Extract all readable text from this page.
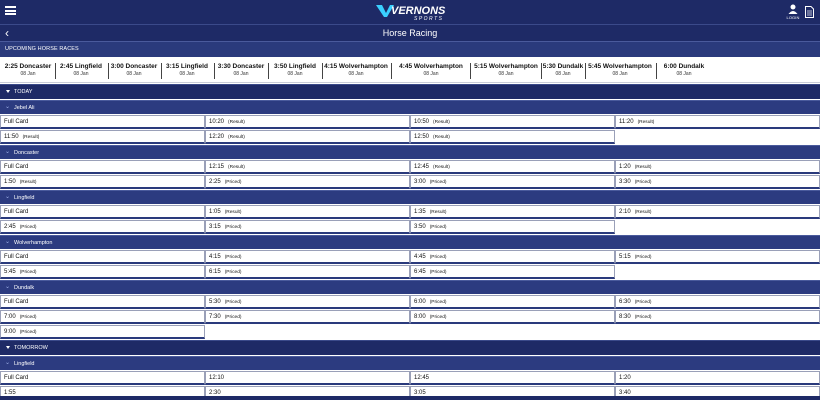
VERNONS
SPORTS	LOGIN
‹	Horse Racing
UPCOMING HORSE RACES
2:25 Doncaster
08 Jan
2:45 Lingfield
08 Jan
3:00 Doncaster
08 Jan
3:15 Lingfield
08 Jan
3:30 Doncaster
08 Jan
3:50 Lingfield
08 Jan
4:15 Wolverhampton
08 Jan
4:45 Wolverhampton
08 Jan
5:15 Wolverhampton
08 Jan
5:30 Dundalk
08 Jan
5:45 Wolverhampton
08 Jan
6:00 Dundalk
08 Jan
TODAY
⌄ Jebel Ali
Full Card	10:20 (Result)	10:50 (Result)	11:20 (Result)
11:50 (Result)	12:20 (Result)	12:50 (Result)
⌄ Doncaster
Full Card	12:15 (Result)	12:45 (Result)	1:20 (Result)
1:50 (Result)	2:25 (Priced)	3:00 (Priced)	3:30 (Priced)
⌄ Lingfield
Full Card	1:05 (Result)	1:35 (Result)	2:10 (Result)
2:45 (Priced)	3:15 (Priced)	3:50 (Priced)
⌄ Wolverhampton
Full Card	4:15 (Priced)	4:45 (Priced)	5:15 (Priced)
5:45 (Priced)	6:15 (Priced)	6:45 (Priced)
⌄ Dundalk
Full Card	5:30 (Priced)	6:00 (Priced)	6:30 (Priced)
7:00 (Priced)	7:30 (Priced)	8:00 (Priced)	8:30 (Priced)
9:00 (Priced)
TOMORROW
⌄ Lingfield
Full Card	12:10	12:45	1:20
1:55	2:30	3:05	3:40
